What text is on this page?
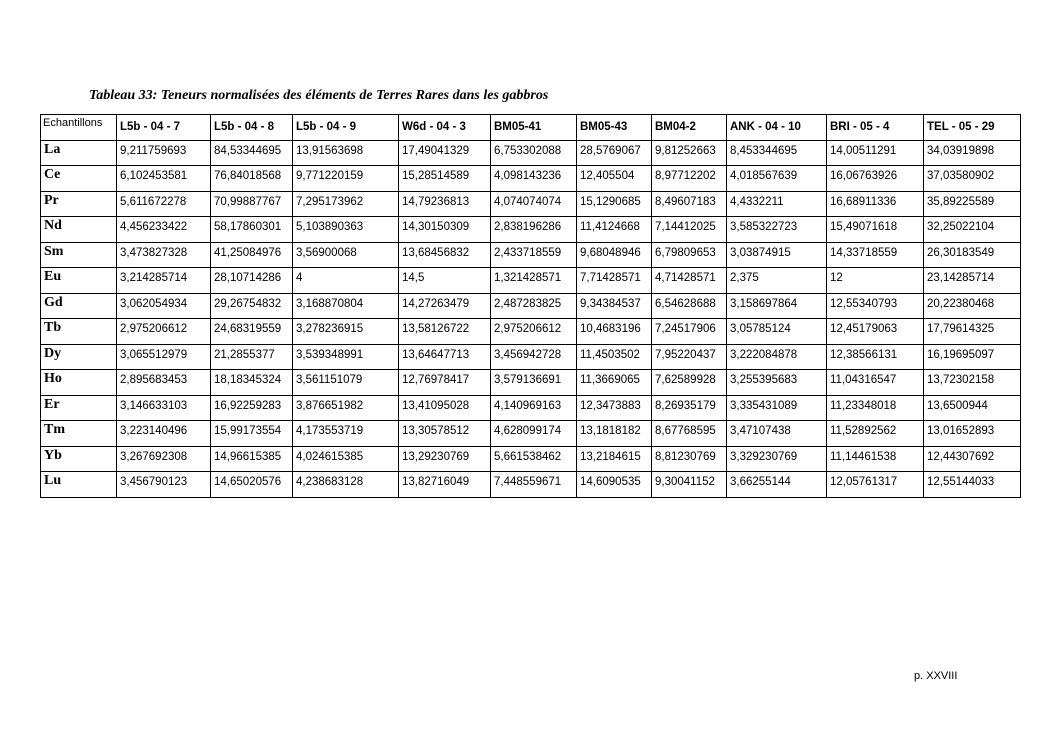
Tableau 33: Teneurs normalisées des éléments de Terres Rares dans les gabbros
Echantillons	L5b - 04 - 7	L5b - 04 - 8	L5b - 04 - 9	W6d - 04 - 3	BM05-41	BM05-43	BM04-2	ANK - 04 - 10	BRI - 05 - 4	TEL - 05 - 29
La	9,211759693	84,53344695	13,91563698	17,49041329	6,753302088	28,5769067	9,81252663	8,453344695	14,00511291	34,03919898
Ce	6,102453581	76,84018568	9,771220159	15,28514589	4,098143236	12,405504	8,97712202	4,018567639	16,06763926	37,03580902
Pr	5,611672278	70,99887767	7,295173962	14,79236813	4,074074074	15,1290685	8,49607183	4,4332211	16,68911336	35,89225589
Nd	4,456233422	58,17860301	5,103890363	14,30150309	2,838196286	11,4124668	7,14412025	3,585322723	15,49071618	32,25022104
Sm	3,473827328	41,25084976	3,56900068	13,68456832	2,433718559	9,68048946	6,79809653	3,03874915	14,33718559	26,30183549
Eu	3,214285714	28,10714286	4	14,5	1,321428571	7,71428571	4,71428571	2,375	12	23,14285714
Gd	3,062054934	29,26754832	3,168870804	14,27263479	2,487283825	9,34384537	6,54628688	3,158697864	12,55340793	20,22380468
Tb	2,975206612	24,68319559	3,278236915	13,58126722	2,975206612	10,4683196	7,24517906	3,05785124	12,45179063	17,79614325
Dy	3,065512979	21,2855377	3,539348991	13,64647713	3,456942728	11,4503502	7,95220437	3,222084878	12,38566131	16,19695097
Ho	2,895683453	18,18345324	3,561151079	12,76978417	3,579136691	11,3669065	7,62589928	3,255395683	11,04316547	13,72302158
Er	3,146633103	16,92259283	3,876651982	13,41095028	4,140969163	12,3473883	8,26935179	3,335431089	11,23348018	13,6500944
Tm	3,223140496	15,99173554	4,173553719	13,30578512	4,628099174	13,1818182	8,67768595	3,47107438	11,52892562	13,01652893
Yb	3,267692308	14,96615385	4,024615385	13,29230769	5,661538462	13,2184615	8,81230769	3,329230769	11,14461538	12,44307692
Lu	3,456790123	14,65020576	4,238683128	13,82716049	7,448559671	14,6090535	9,30041152	3,66255144	12,05761317	12,55144033
p. XXVIII
